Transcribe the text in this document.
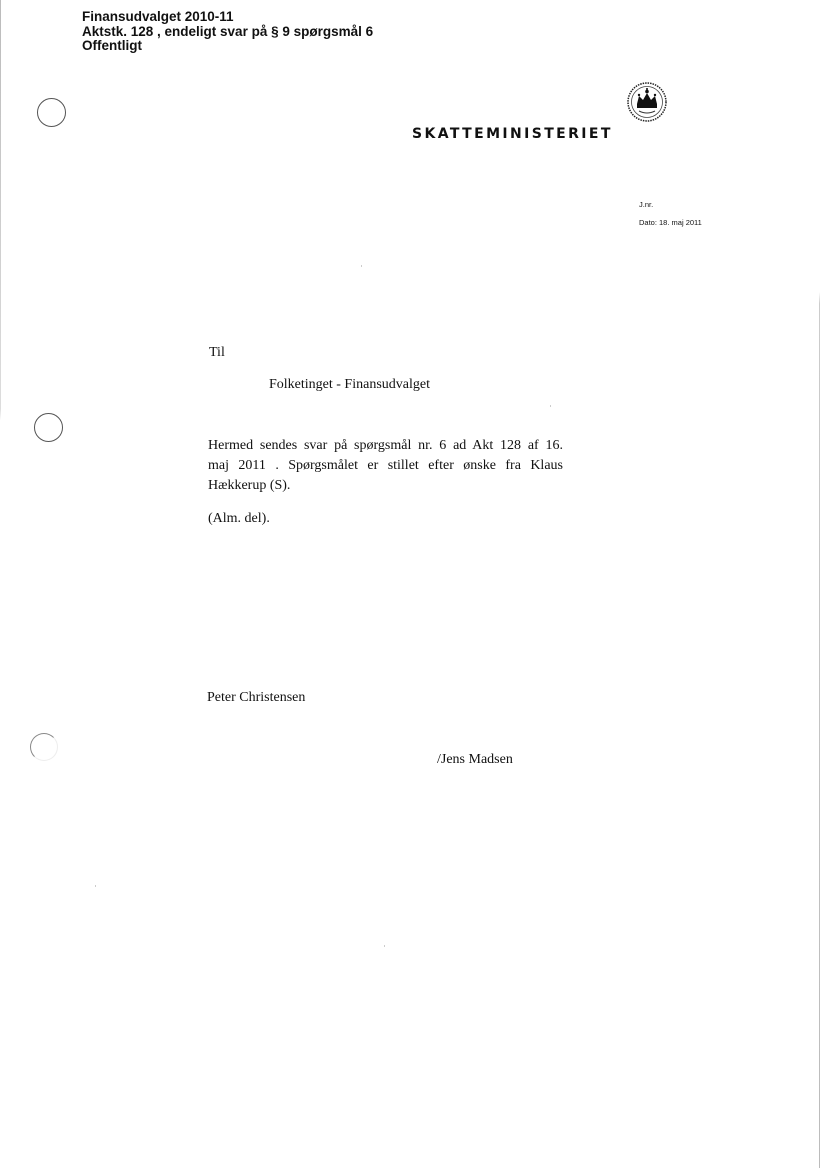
Finansudvalget 2010-11
Aktstk. 128 , endeligt svar på § 9 spørgsmål 6
Offentligt
SKATTEMINISTERIET
J.nr.
Dato: 18. maj 2011
Til
Folketinget - Finansudvalget
Hermed sendes svar på spørgsmål nr. 6 ad Akt 128 af 16.
maj 2011 . Spørgsmålet er stillet efter ønske fra Klaus
Hækkerup (S).
(Alm. del).
Peter Christensen
/Jens Madsen
